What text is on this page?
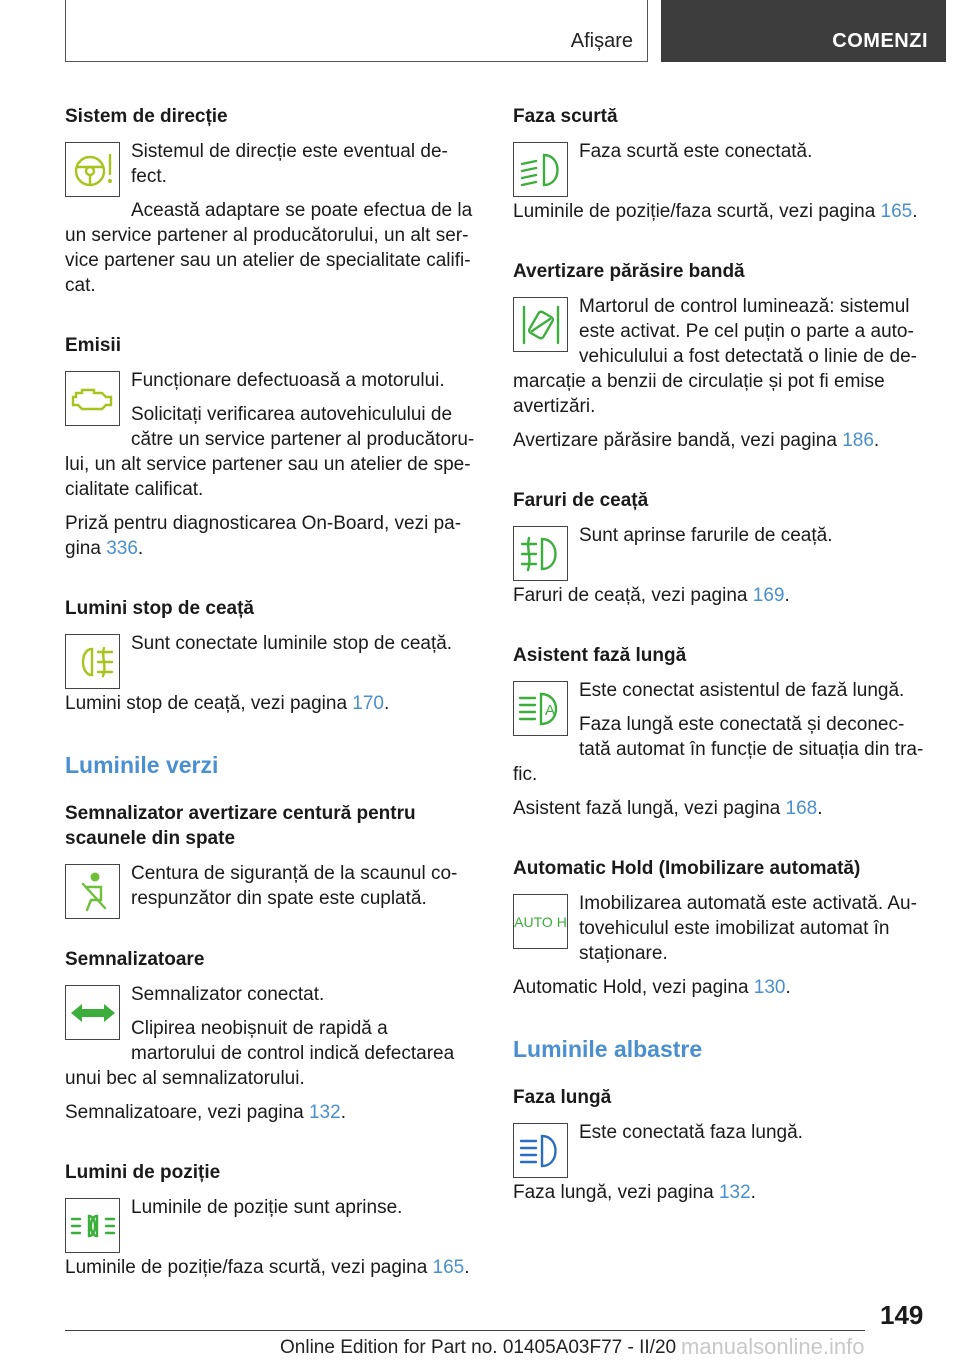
Afișare	COMENZI
Sistem de direcție
Sistemul de direcție este eventual defect.
Această adaptare se poate efectua de la un service partener al producătorului, un alt service partener sau un atelier de specialitate calificat.
Emisii
Funcționare defectuoasă a motorului.
Solicitați verificarea autovehiculului de către un service partener al producătorului, un alt service partener sau un atelier de specialitate calificat.
Priză pentru diagnosticarea On-Board, vezi pagina 336.
Lumini stop de ceață
Sunt conectate luminile stop de ceață.
Lumini stop de ceață, vezi pagina 170.
Luminile verzi
Semnalizator avertizare centură pentru scaunele din spate
Centura de siguranță de la scaunul corespunzător din spate este cuplată.
Semnalizatoare
Semnalizator conectat.
Clipirea neobișnuit de rapidă a martorului de control indică defectarea unui bec al semnalizatorului.
Semnalizatoare, vezi pagina 132.
Lumini de poziție
Luminile de poziție sunt aprinse.
Luminile de poziție/faza scurtă, vezi pagina 165.
Faza scurtă
Faza scurtă este conectată.
Luminile de poziție/faza scurtă, vezi pagina 165.
Avertizare părăsire bandă
Martorul de control luminează: sistemul este activat. Pe cel puțin o parte a autovehiculului a fost detectată o linie de demarcație a benzii de circulație și pot fi emise avertizări.
Avertizare părăsire bandă, vezi pagina 186.
Faruri de ceață
Sunt aprinse farurile de ceață.
Faruri de ceață, vezi pagina 169.
Asistent fază lungă
A
Este conectat asistentul de fază lungă.
Faza lungă este conectată și deconectată automat în funcție de situația din trafic.
Asistent fază lungă, vezi pagina 168.
Automatic Hold (Imobilizare automată)
AUTO H
Imobilizarea automată este activată. Autovehiculul este imobilizat automat în staționare.
Automatic Hold, vezi pagina 130.
Luminile albastre
Faza lungă
Este conectată faza lungă.
Faza lungă, vezi pagina 132.
149
Online Edition for Part no. 01405A03F77 - II/20 manualsonline.info
